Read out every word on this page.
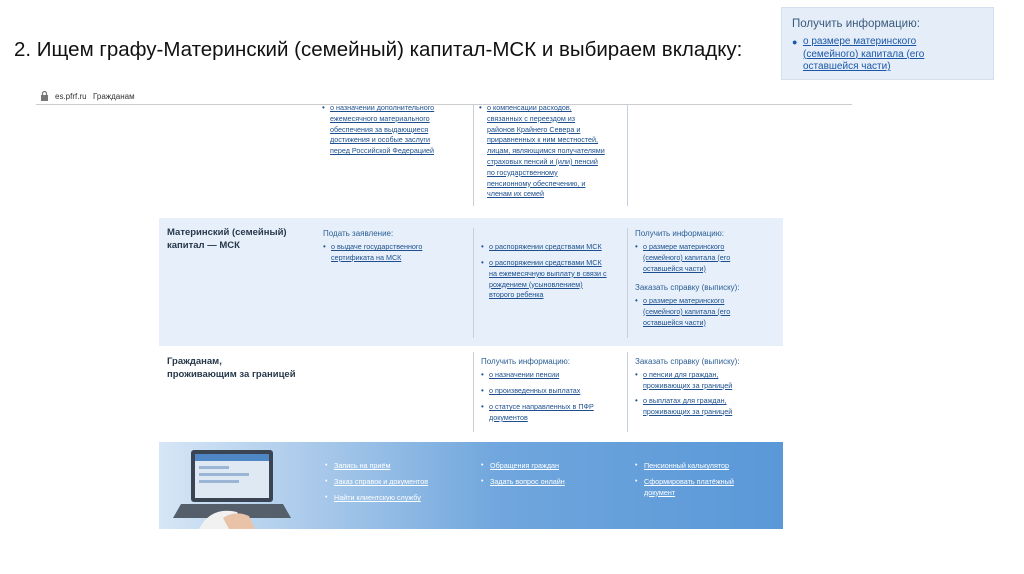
2. Ищем графу-Материнский (семейный) капитал-МСК и выбираем вкладку:
Получить информацию:
● о размере материнского
(семейного) капитала (его
оставшейся части)
es.pfrf.ru Гражданам
• о назначении дополнительного
ежемесячного материального
обеспечения за выдающиеся
достижения и особые заслуги
перед Российской Федерацией
• о компенсации расходов,
связанных с переездом из
районов Крайнего Севера и
приравненных к ним местностей,
лицам, являющимся получателями
страховых пенсий и (или) пенсий
по государственному
пенсионному обеспечению, и
членам их семей
Материнский (семейный)
капитал — МСК
Подать заявление:
• о выдаче государственного
сертификата на МСК
• о распоряжении средствами МСК
• о распоряжении средствами МСК
на ежемесячную выплату в связи с
рождением (усыновлением)
второго ребенка
Получить информацию:
• о размере материнского
(семейного) капитала (его
оставшейся части)
Заказать справку (выписку):
• о размере материнского
(семейного) капитала (его
оставшейся части)
Гражданам,
проживающим за границей
Получить информацию:
• о назначении пенсии
• о произведенных выплатах
• о статусе направленных в ПФР
документов
Заказать справку (выписку):
• о пенсии для граждан,
проживающих за границей
• о выплатах для граждан,
проживающих за границей
• Запись на приём
• Заказ справок и документов
• Найти клиентскую службу
• Обращения граждан
• Задать вопрос онлайн
• Пенсионный калькулятор
• Сформировать платёжный
документ
